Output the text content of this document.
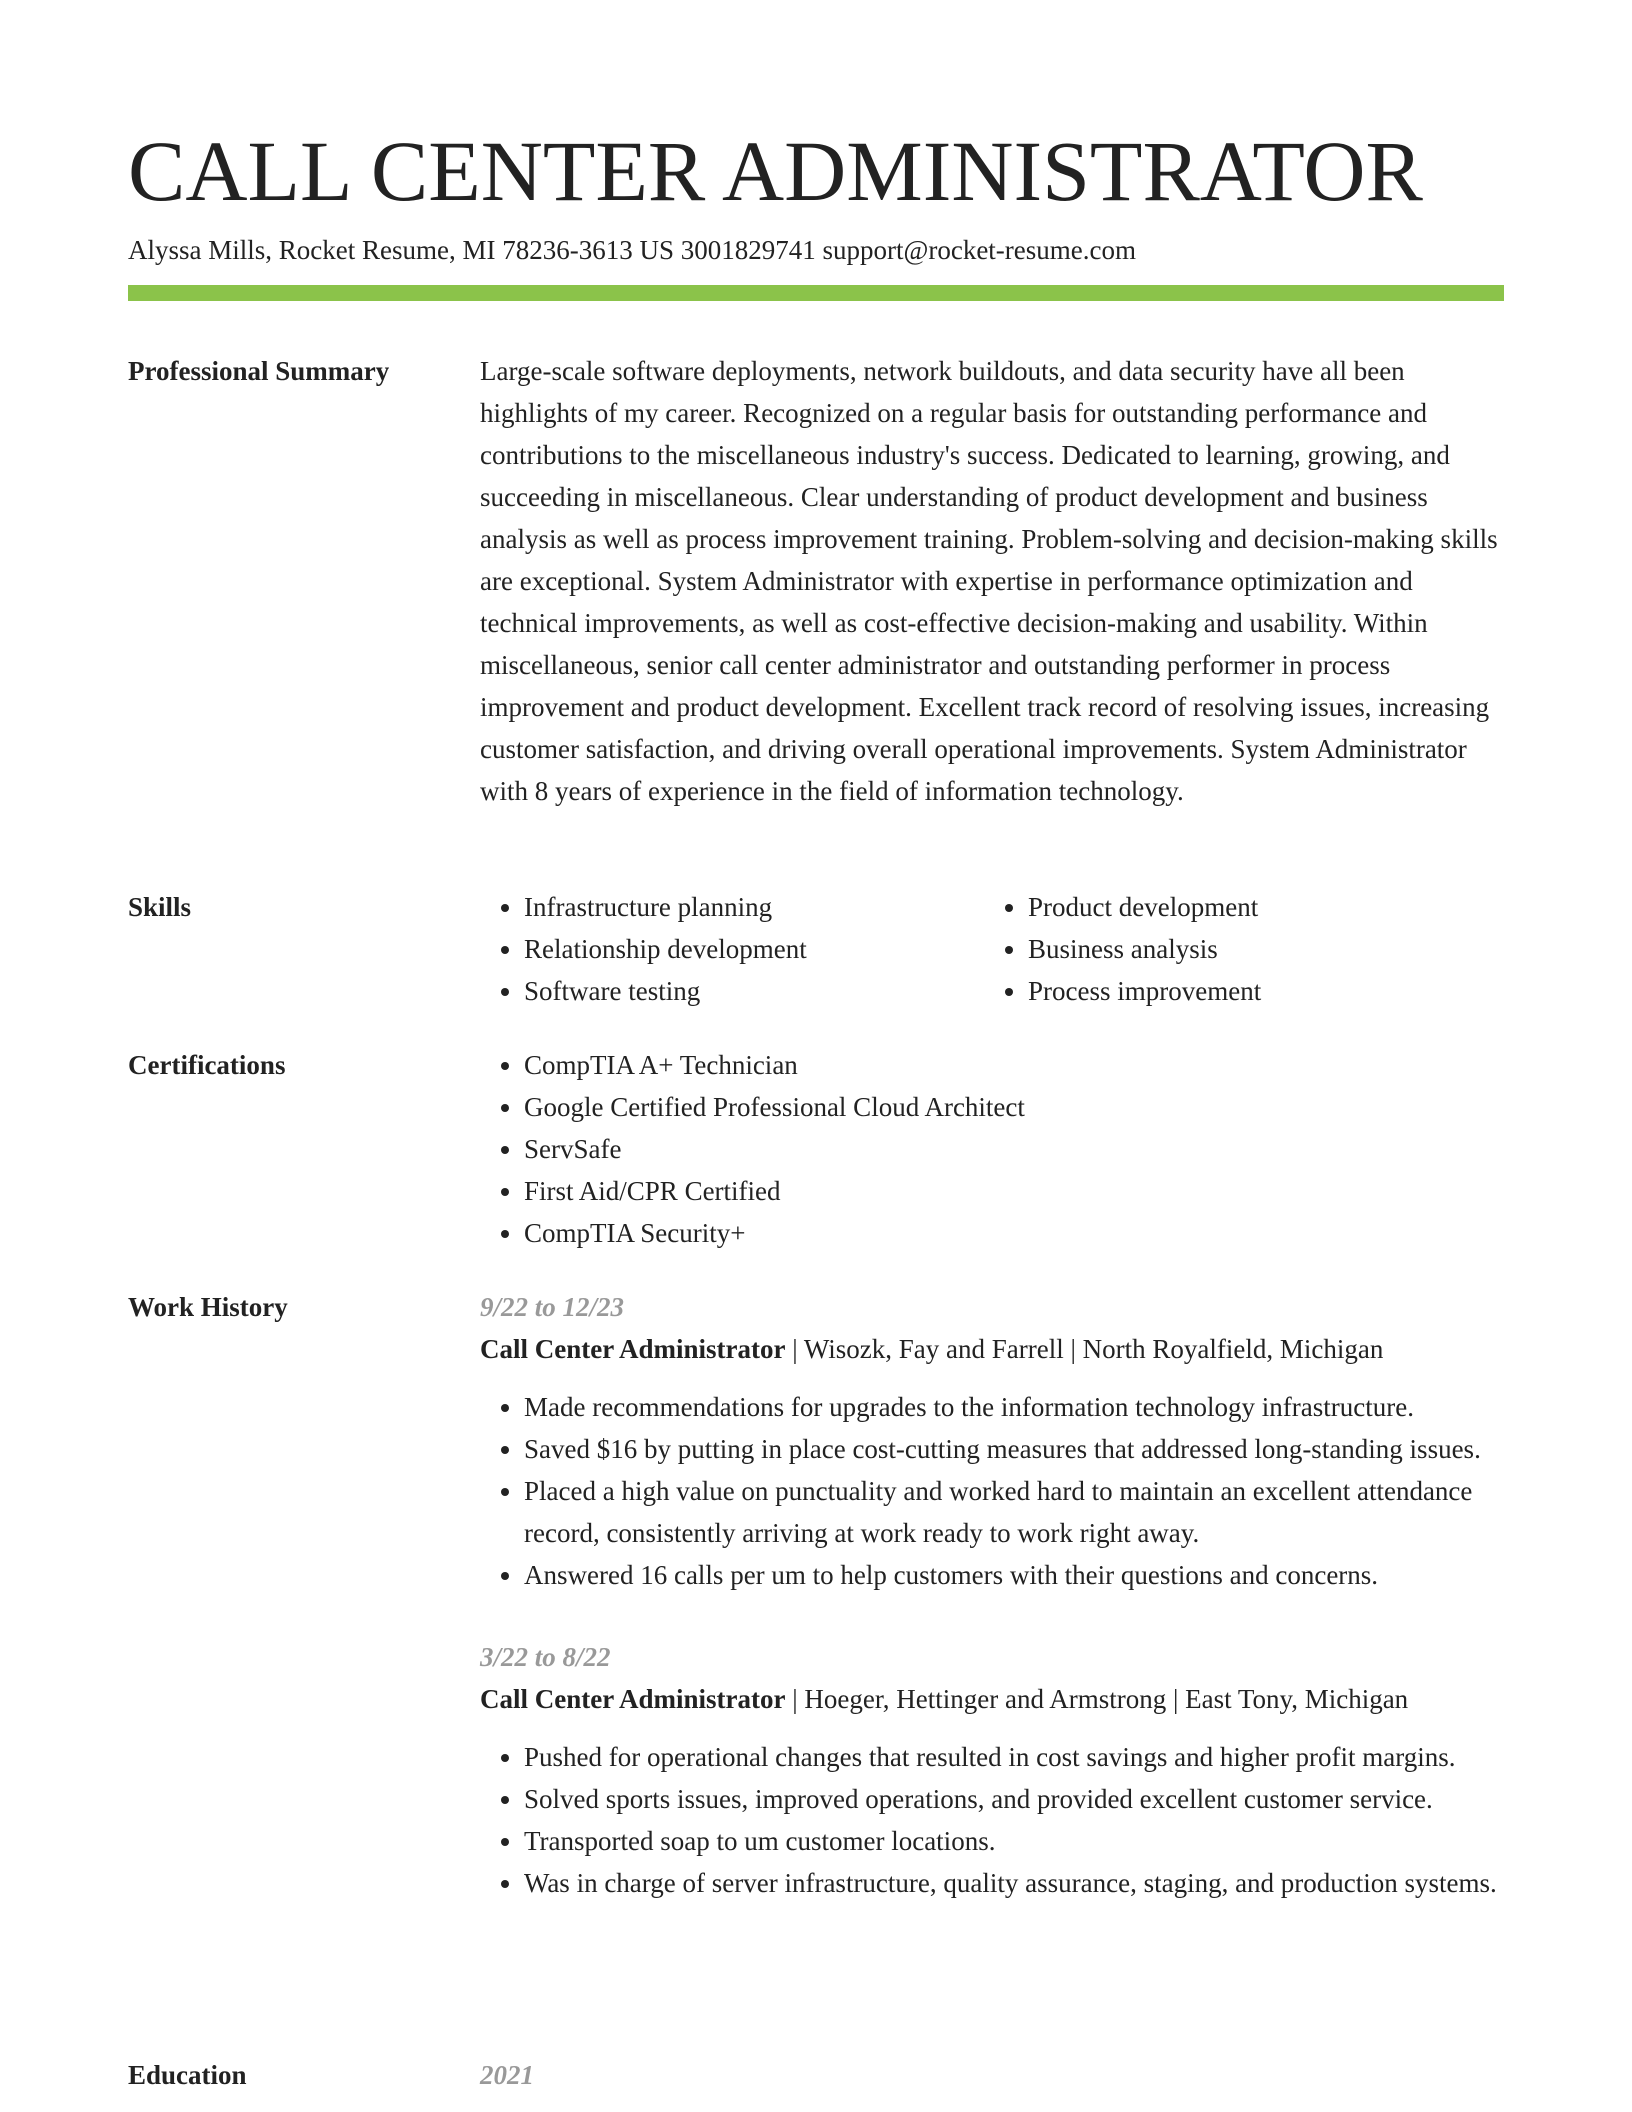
CALL CENTER ADMINISTRATOR
Alyssa Mills, Rocket Resume, MI 78236-3613 US 3001829741 support@rocket-resume.com
Professional Summary	Large-scale software deployments, network buildouts, and data security have all been highlights of my career. Recognized on a regular basis for outstanding performance and contributions to the miscellaneous industry's success. Dedicated to learning, growing, and succeeding in miscellaneous. Clear understanding of product development and business analysis as well as process improvement training. Problem-solving and decision-making skills are exceptional. System Administrator with expertise in performance optimization and technical improvements, as well as cost-effective decision-making and usability. Within miscellaneous, senior call center administrator and outstanding performer in process improvement and product development. Excellent track record of resolving issues, increasing customer satisfaction, and driving overall operational improvements. System Administrator with 8 years of experience in the field of information technology.

Skills	• Infrastructure planning
• Relationship development
• Software testing
• Product development
• Business analysis
• Process improvement
Certifications	• CompTIA A+ Technician
• Google Certified Professional Cloud Architect
• ServSafe
• First Aid/CPR Certified
• CompTIA Security+
Work History	9/22 to 12/23
Call Center Administrator | Wisozk, Fay and Farrell | North Royalfield, Michigan
• Made recommendations for upgrades to the information technology infrastructure.
• Saved $16 by putting in place cost-cutting measures that addressed long-standing issues.
• Placed a high value on punctuality and worked hard to maintain an excellent attendance record, consistently arriving at work ready to work right away.
• Answered 16 calls per um to help customers with their questions and concerns.
3/22 to 8/22
Call Center Administrator | Hoeger, Hettinger and Armstrong | East Tony, Michigan
• Pushed for operational changes that resulted in cost savings and higher profit margins.
• Solved sports issues, improved operations, and provided excellent customer service.
• Transported soap to um customer locations.
• Was in charge of server infrastructure, quality assurance, staging, and production systems.
Education	2021
